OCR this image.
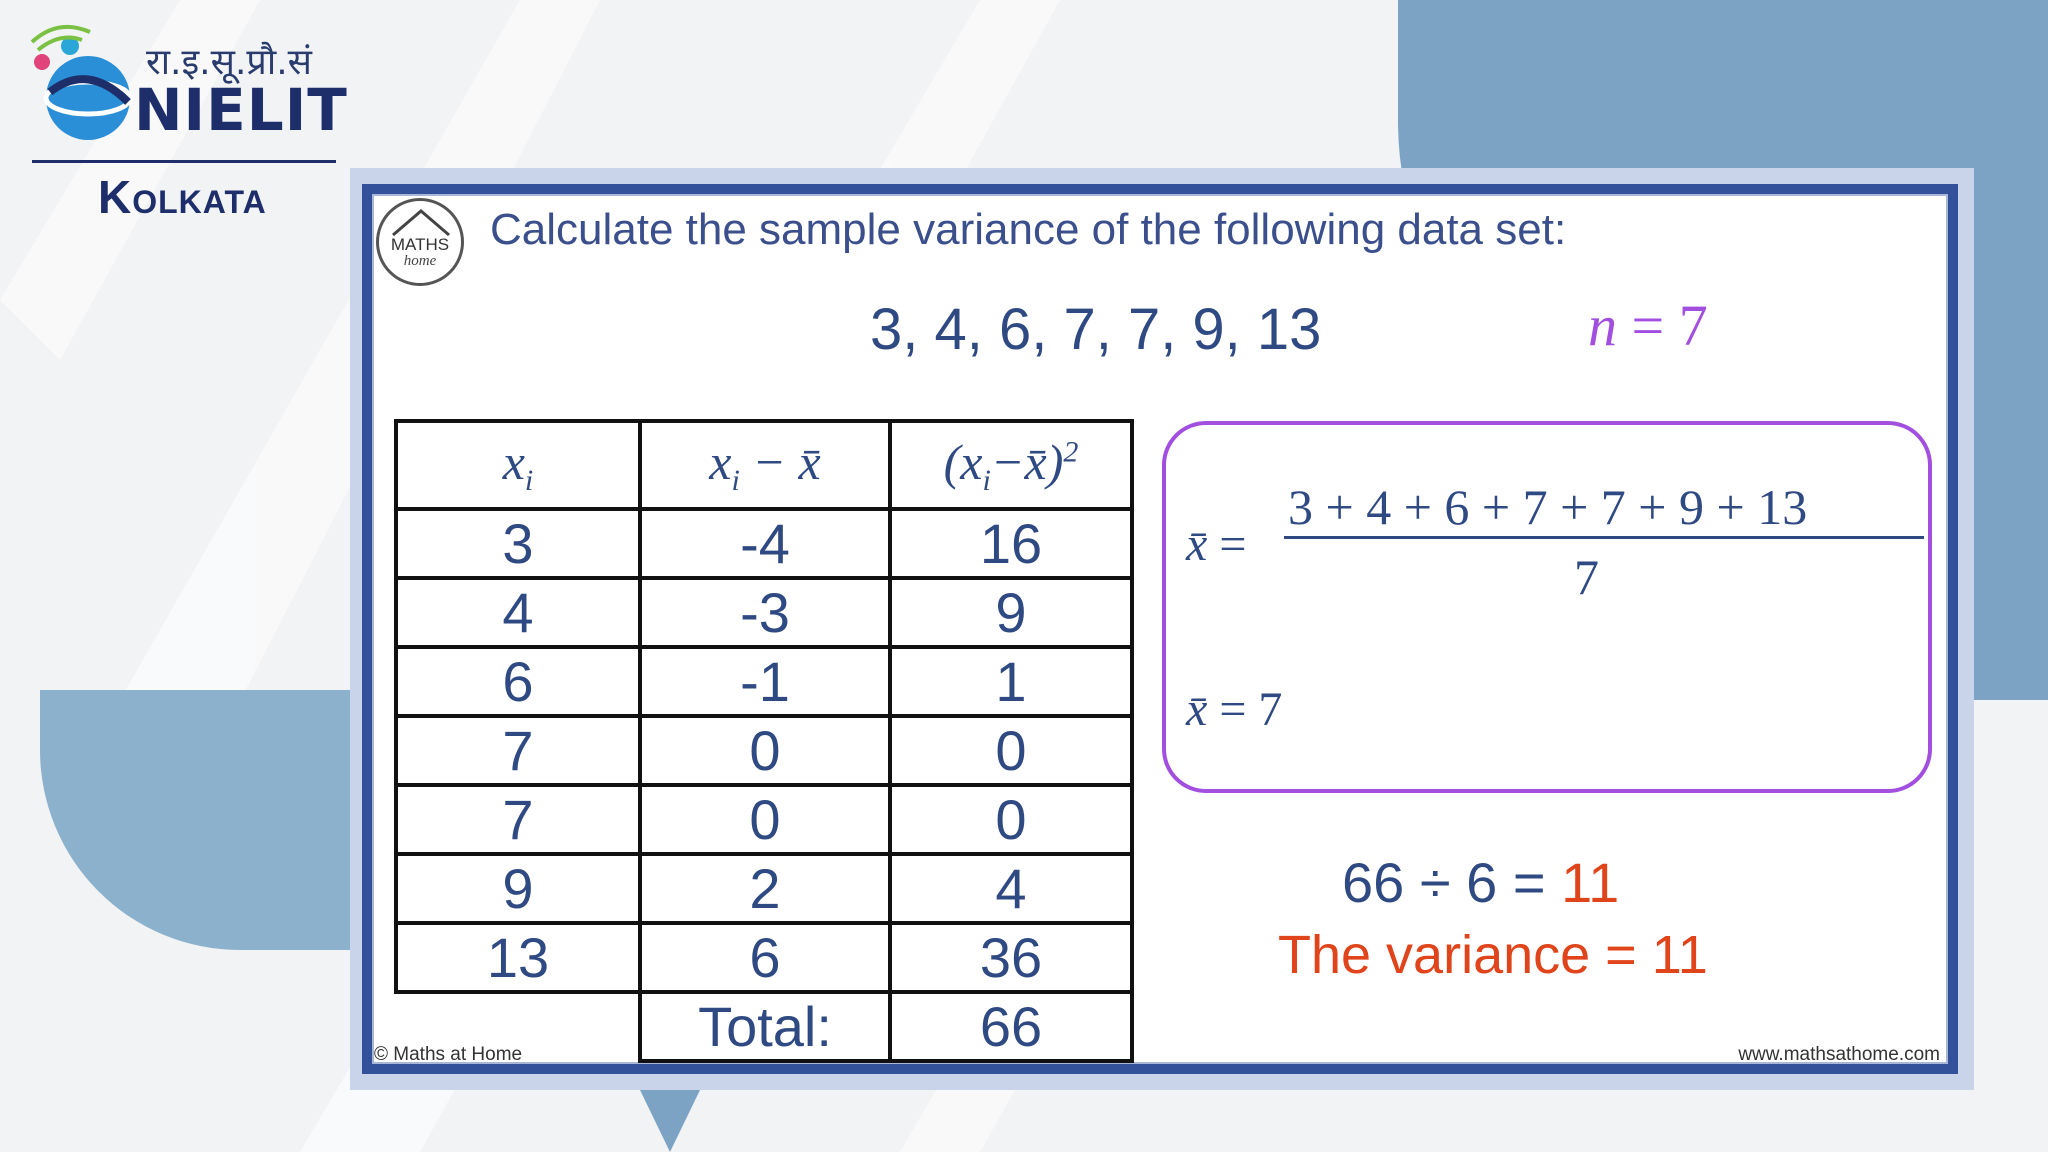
रा.इ.सू.प्रौ.सं
NIELIT
Kolkata
MATHS
home
Calculate the sample variance of the following data set:
3, 4, 6, 7, 7, 9, 13	n = 7
$x_i$	$x_i$ − x̄	$(x_i-x̄)^2$
3	-4	16
4	-3	9
6	-1	1
7	0	0
7	0	0
9	2	4
13	6	36
	Total:	66
x̄ =
3 + 4 + 6 + 7 + 7 + 9 + 13
7
x̄ = 7
66 ÷ 6 = 11
The variance = 11
© Maths at Home	www.mathsathome.com
